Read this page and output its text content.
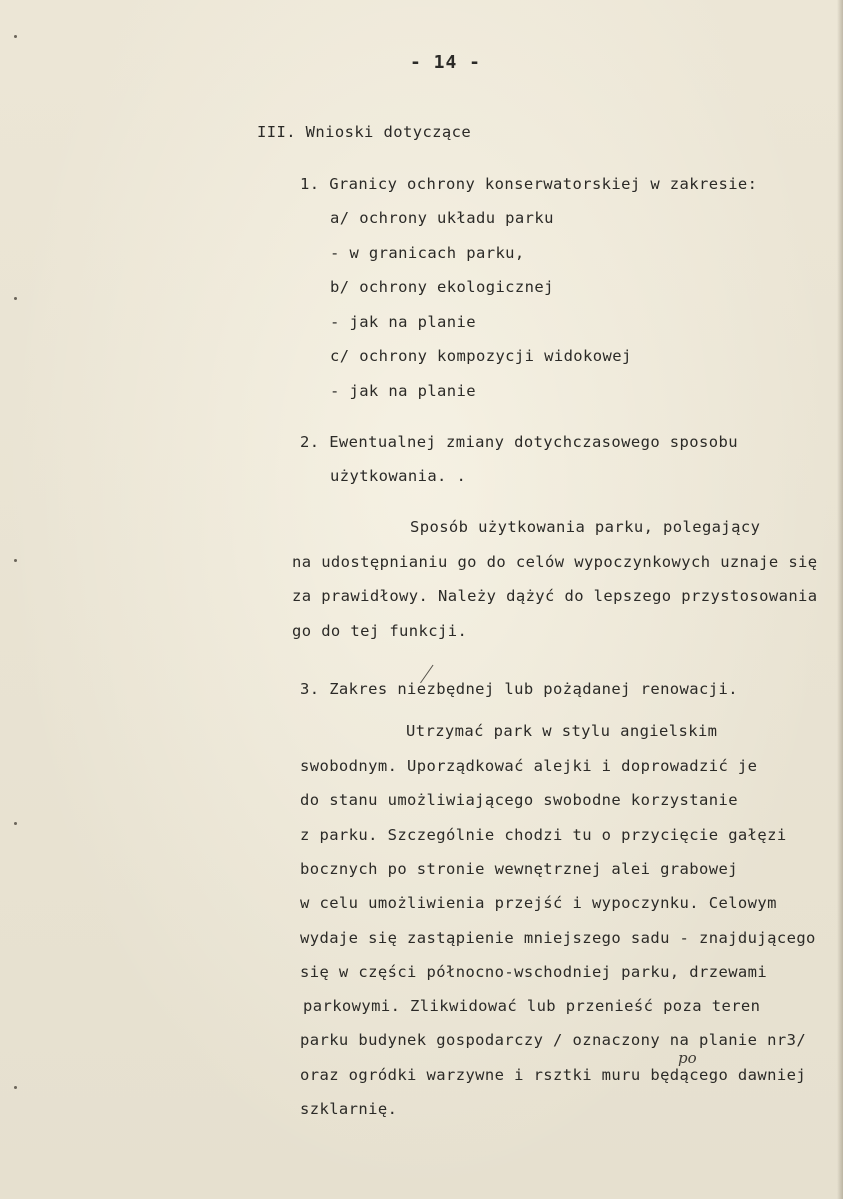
- 14 -
III. Wnioski dotyczące
1. Granicy ochrony konserwatorskiej w zakresie:
a/ ochrony układu parku
- w granicach parku,
b/ ochrony ekologicznej
- jak na planie
c/ ochrony kompozycji widokowej
- jak na planie
2. Ewentualnej zmiany dotychczasowego sposobu
użytkowania. .
Sposób użytkowania parku, polegający
na udostępnianiu go do celów wypoczynkowych uznaje się
za prawidłowy. Należy dążyć do lepszego przystosowania
go do tej funkcji.
3. Zakres niezbędnej lub pożądanej renowacji.
Utrzymać park w stylu angielskim
swobodnym. Uporządkować alejki i doprowadzić je
do stanu umożliwiającego swobodne korzystanie
z parku. Szczególnie chodzi tu o przycięcie gałęzi
bocznych po stronie wewnętrznej alei grabowej
w celu umożliwienia przejść i wypoczynku. Celowym
wydaje się zastąpienie mniejszego sadu - znajdującego
się w części północno-wschodniej parku, drzewami
parkowymi. Zlikwidować lub przenieść poza teren
parku budynek gospodarczy / oznaczony na planie nr3/
po
oraz ogródki warzywne i rsztki muru będącego dawniej
szklarnię.
